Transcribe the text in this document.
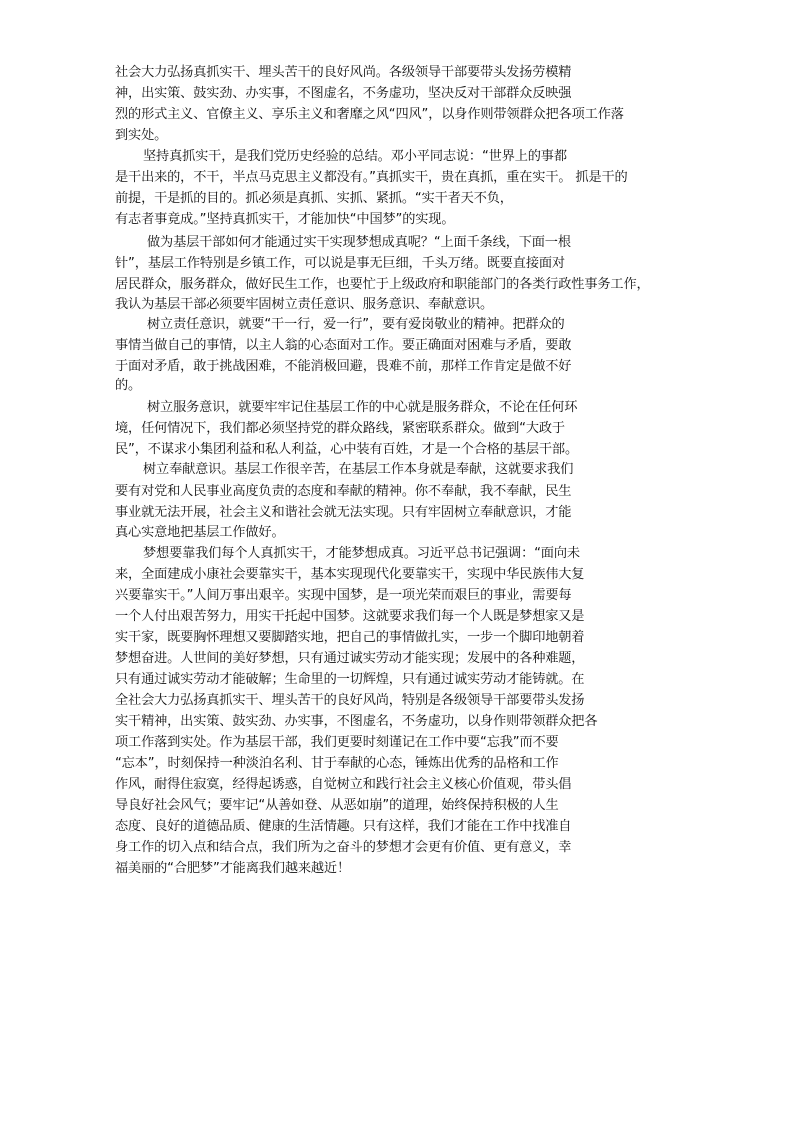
社会大力弘扬真抓实干、埋头苦干的良好风尚。各级领导干部要带头发扬劳模精
神，出实策、鼓实劲、办实事，不图虚名，不务虚功，坚决反对干部群众反映强
烈的形式主义、官僚主义、享乐主义和奢靡之风“四风”，以身作则带领群众把各项工作落
到实处。
坚持真抓实干，是我们党历史经验的总结。邓小平同志说：“世界上的事都
是干出来的，不干，半点马克思主义都没有。”真抓实干，贵在真抓，重在实干。 抓是干的
前提，干是抓的目的。抓必须是真抓、实抓、紧抓。“实干者天不负，
有志者事竟成。”坚持真抓实干，才能加快“中国梦”的实现。
做为基层干部如何才能通过实干实现梦想成真呢？“上面千条线，下面一根
针”，基层工作特别是乡镇工作，可以说是事无巨细，千头万绪。既要直接面对
居民群众，服务群众，做好民生工作，也要忙于上级政府和职能部门的各类行政性事务工作，
我认为基层干部必须要牢固树立责任意识、服务意识、奉献意识。
树立责任意识，就要“干一行，爱一行”，要有爱岗敬业的精神。把群众的
事情当做自己的事情，以主人翁的心态面对工作。要正确面对困难与矛盾，要敢
于面对矛盾，敢于挑战困难，不能消极回避，畏难不前，那样工作肯定是做不好
的。
树立服务意识，就要牢牢记住基层工作的中心就是服务群众，不论在任何环
境，任何情况下，我们都必须坚持党的群众路线，紧密联系群众。做到“大政于
民”，不谋求小集团利益和私人利益，心中装有百姓，才是一个合格的基层干部。
树立奉献意识。基层工作很辛苦，在基层工作本身就是奉献，这就要求我们
要有对党和人民事业高度负责的态度和奉献的精神。你不奉献，我不奉献，民生
事业就无法开展，社会主义和谐社会就无法实现。只有牢固树立奉献意识，才能
真心实意地把基层工作做好。
梦想要靠我们每个人真抓实干，才能梦想成真。习近平总书记强调：“面向未
来，全面建成小康社会要靠实干，基本实现现代化要靠实干，实现中华民族伟大复
兴要靠实干。”人间万事出艰辛。实现中国梦，是一项光荣而艰巨的事业，需要每
一个人付出艰苦努力，用实干托起中国梦。这就要求我们每一个人既是梦想家又是
实干家，既要胸怀理想又要脚踏实地，把自己的事情做扎实，一步一个脚印地朝着
梦想奋进。人世间的美好梦想，只有通过诚实劳动才能实现；发展中的各种难题，
只有通过诚实劳动才能破解；生命里的一切辉煌，只有通过诚实劳动才能铸就。在
全社会大力弘扬真抓实干、埋头苦干的良好风尚，特别是各级领导干部要带头发扬
实干精神，出实策、鼓实劲、办实事，不图虚名，不务虚功，以身作则带领群众把各
项工作落到实处。作为基层干部，我们更要时刻谨记在工作中要“忘我”而不要
“忘本”，时刻保持一种淡泊名利、甘于奉献的心态，锤炼出优秀的品格和工作
作风，耐得住寂寞，经得起诱惑，自觉树立和践行社会主义核心价值观，带头倡
导良好社会风气；要牢记“从善如登、从恶如崩”的道理，始终保持积极的人生
态度、良好的道德品质、健康的生活情趣。只有这样，我们才能在工作中找准自
身工作的切入点和结合点，我们所为之奋斗的梦想才会更有价值、更有意义，幸
福美丽的“合肥梦”才能离我们越来越近！
